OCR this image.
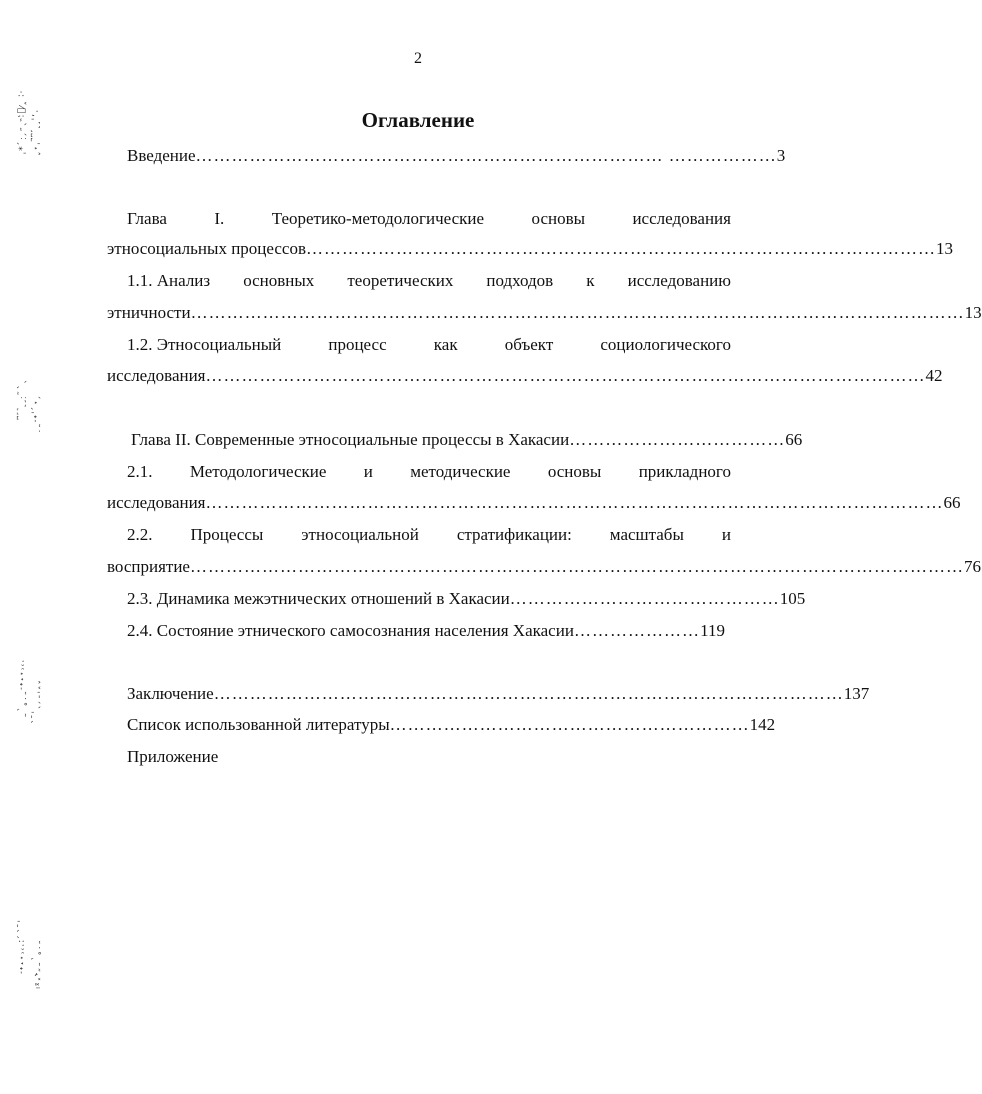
∴ˇ⁄ﾞ⁏˵ˋ˶ˊ˸ˏ⁎ˈ ˑ‚ˌ˹˺˼˽˾ˈ˔ˆ
ˋˎ˷˸˹˺˻˼˽ ˊ˔ˏˌ˖˗˘˙
ˑ˒˓˔˕˖˗˘˙˚˛˜ ˆˇˈˉˊˋˌˍˎ
ˌˍˎˏːˑ˒˓˔˕˖˗ ˘˙˚˛˜˝˞˟ˠˡ
2
Оглавление
Введение …………………………………………………………………… ……………… 3
Глава	I.	Теоретико-методологические	основы	исследования
этносоциальных процессов …………………………………………………………………………………………… 13
1.1. Анализ основных теоретических подходов к исследованию
этничности ………………………………………………………………………………………………………………… 13
1.2. Этносоциальный	процесс	как	объект	социологического
исследования ………………………………………………………………………………………………………… 42
Глава II. Современные этносоциальные процессы в Хакасии ……………………………… 66
2.1. Методологические и методические основы прикладного
исследования …………………………………………………………………………………………………………… 66
2.2. Процессы этносоциальной стратификации: масштабы и
восприятие ………………………………………………………………………………………………………………… 76
2.3. Динамика межэтнических отношений в Хакасии ……………………………………… 105
2.4. Состояние этнического самосознания населения Хакасии ………………… 119
Заключение …………………………………………………………………………………………… 137
Список использованной литературы …………………………………………………… 142
Приложение
